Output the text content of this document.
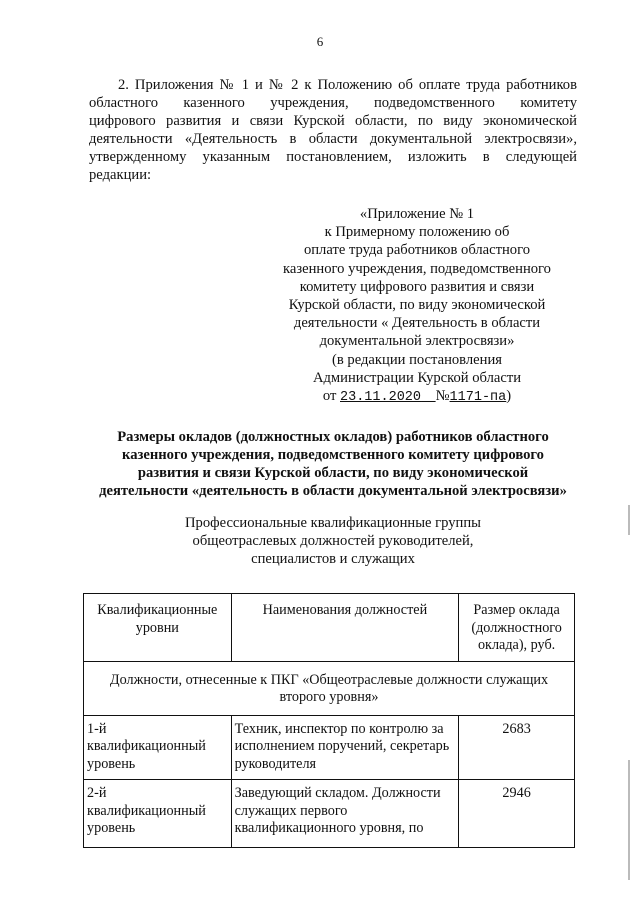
6

2. Приложения № 1 и № 2 к Положению об оплате труда работников
областного казенного учреждения, подведомственного комитету
цифрового развития и связи Курской области, по виду экономической
деятельности «Деятельность в области документальной электросвязи»,
утвержденному указанным постановлением, изложить в следующей
редакции:

«Приложение № 1
к Примерному положению об
оплате труда работников областного
казенного учреждения, подведомственного
комитету цифрового развития и связи
Курской области, по виду экономической
деятельности « Деятельность в области
документальной электросвязи»
(в редакции постановления
Администрации Курской области
от 23.11.2020 №1171-па)
Размеры окладов (должностных окладов) работников областного
казенного учреждения, подведомственного комитету цифрового
развития и связи Курской области, по виду экономической
деятельности «деятельность в области документальной электросвязи»
Профессиональные квалификационные группы
общеотраслевых должностей руководителей,
специалистов и служащих
Квалификационные уровни	Наименования должностей	Размер оклада (должностного оклада), руб.
Должности, отнесенные к ПКГ «Общеотраслевые должности служащих второго уровня»		
1-й квалификационный уровень	Техник, инспектор по контролю за исполнением поручений, секретарь руководителя	2683
2-й квалификационный уровень	Заведующий складом. Должности служащих первого квалификационного уровня, по	2946
